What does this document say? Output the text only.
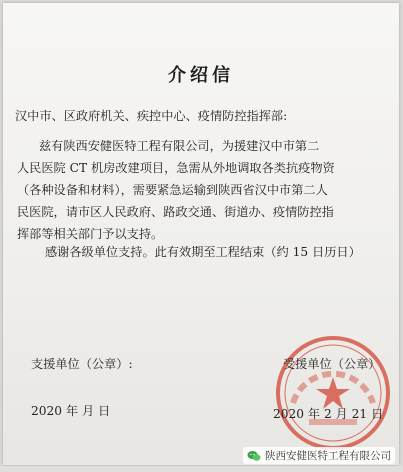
介绍信
汉中市、区政府机关、疾控中心、疫情防控指挥部:
兹有陕西安健医特工程有限公司，为援建汉中市第二
人民医院 CT 机房改建项目，急需从外地调取各类抗疫物资
（各种设备和材料），需要紧急运输到陕西省汉中市第二人
民医院，请市区人民政府、路政交通、街道办、疫情防控指
挥部等相关部门予以支持。
感谢各级单位支持。此有效期至工程结束（约 15 日历日）
支援单位（公章）:
2020 年 月 日
受援单位（公章）
2020 年 2 月 21 日
陕西安健医特工程有限公司
